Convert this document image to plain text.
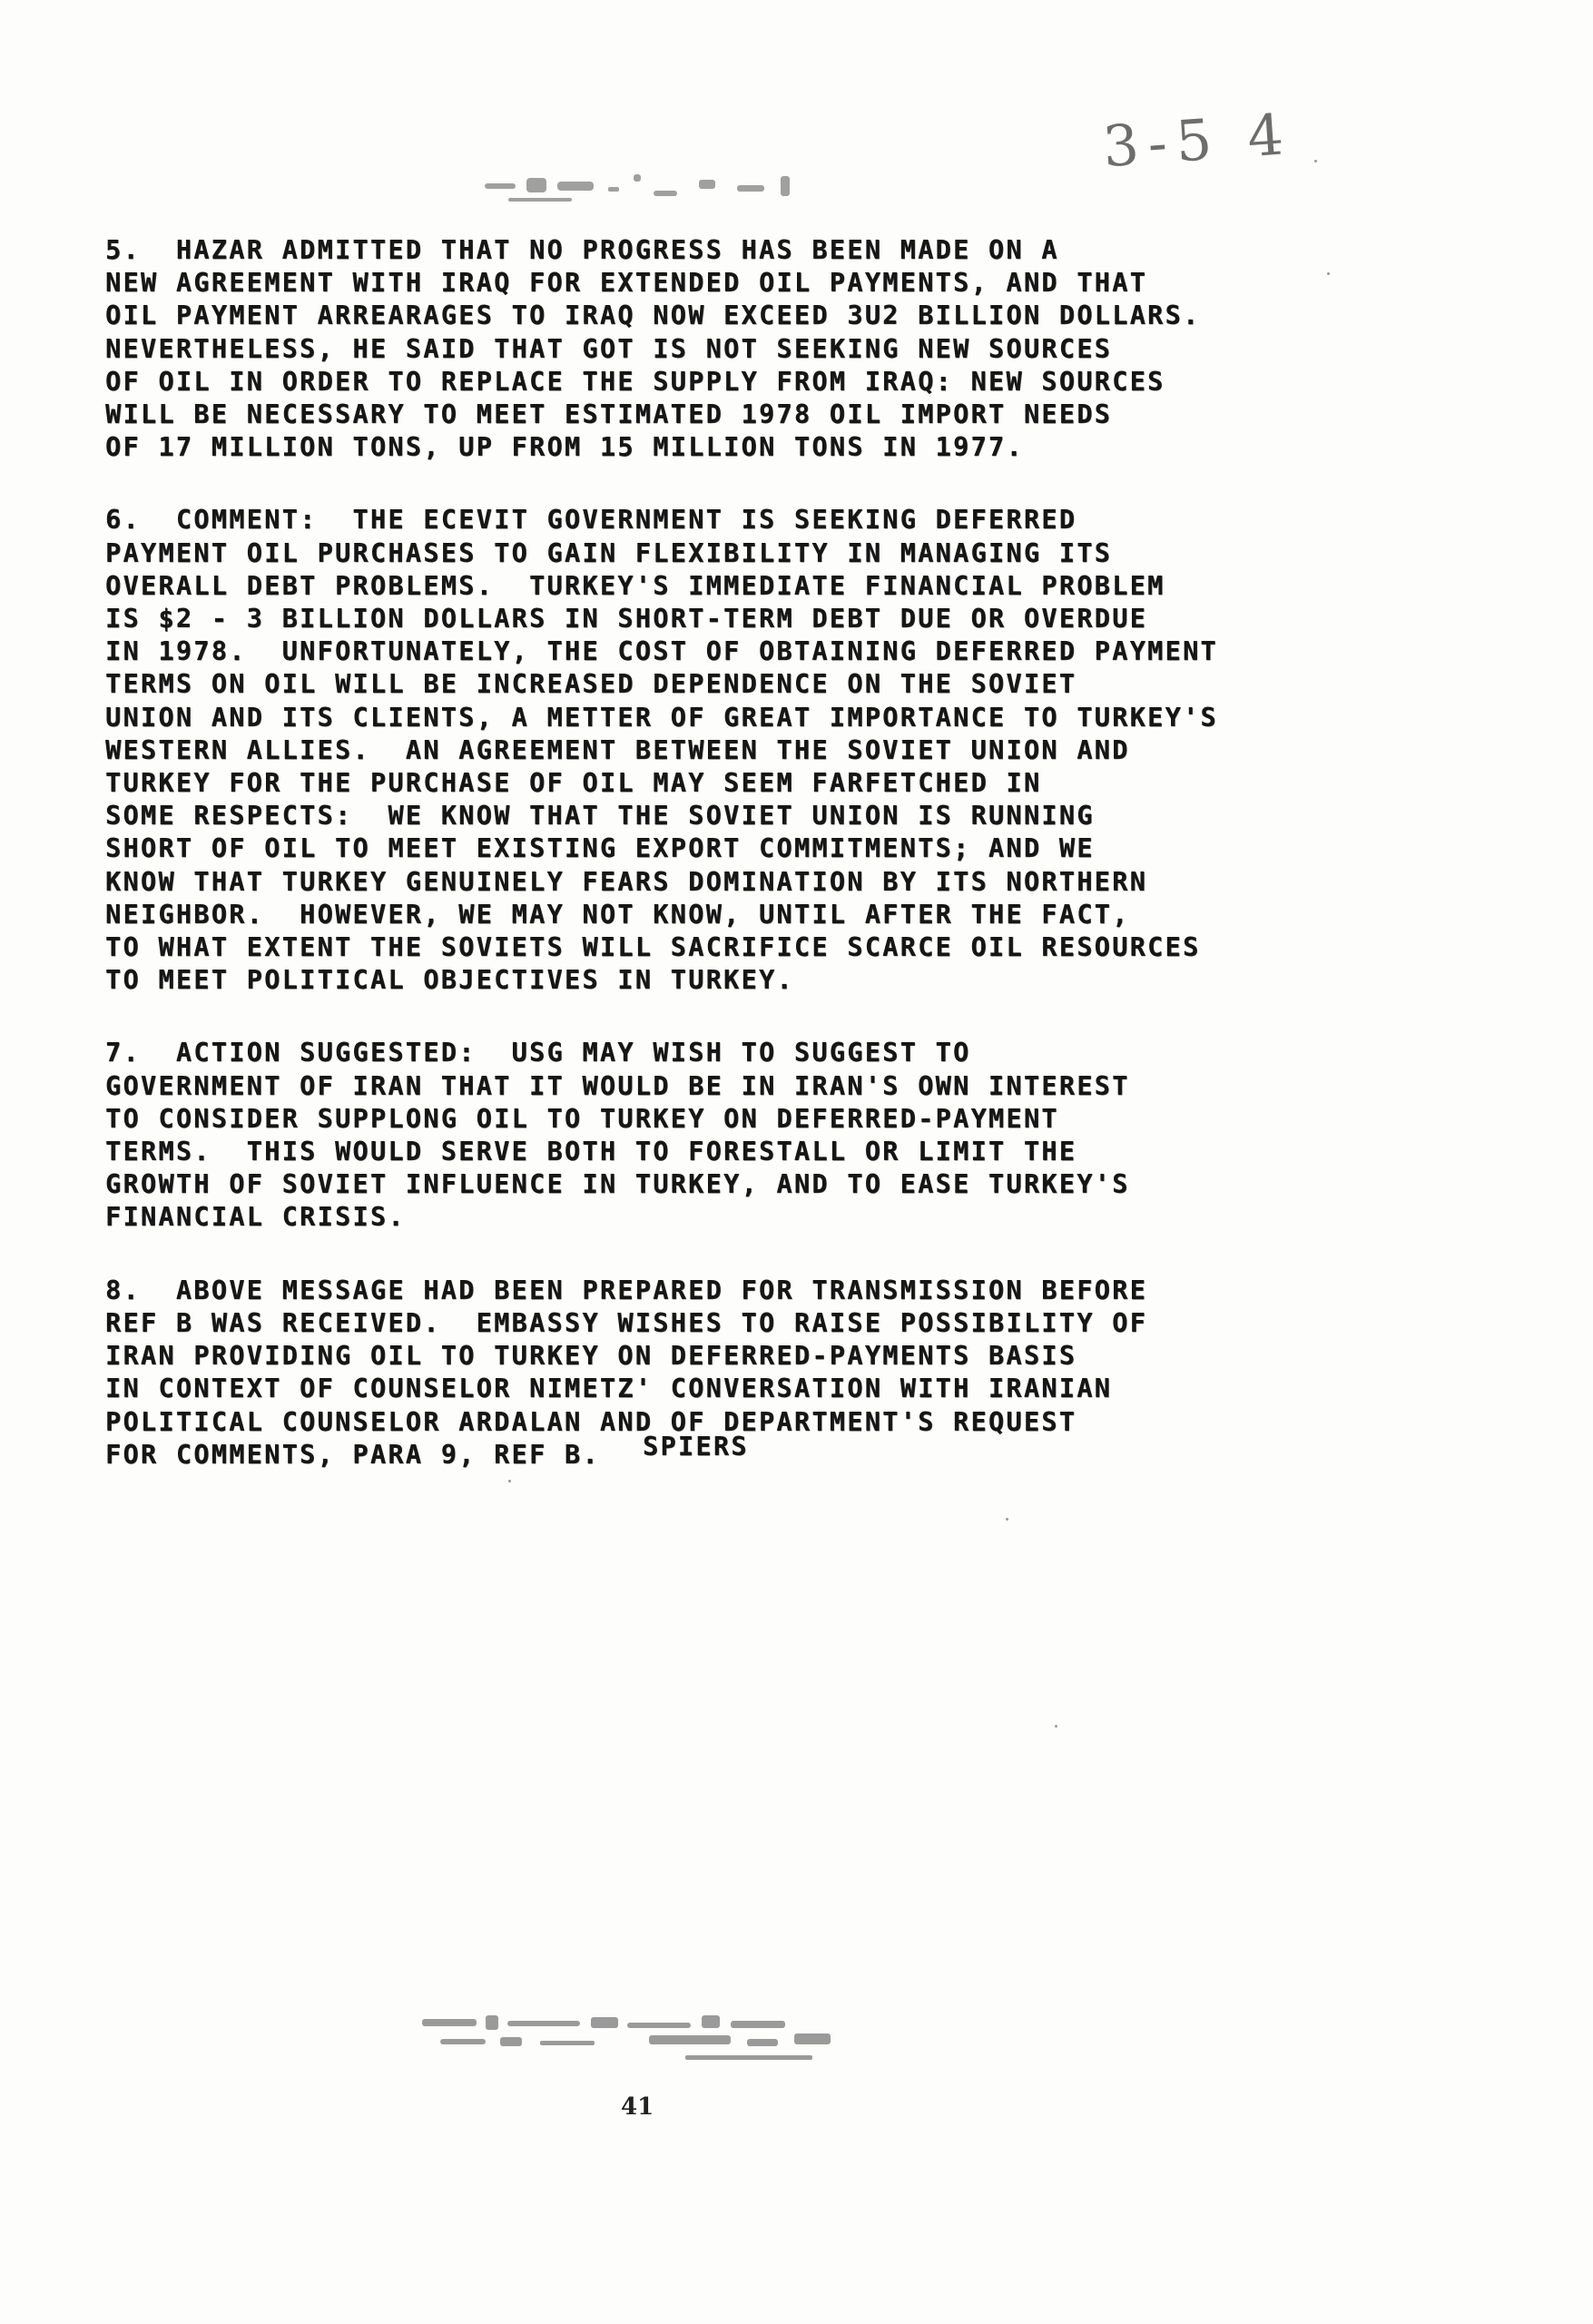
3-5 4
5.  HAZAR ADMITTED THAT NO PROGRESS HAS BEEN MADE ON A
NEW AGREEMENT WITH IRAQ FOR EXTENDED OIL PAYMENTS, AND THAT
OIL PAYMENT ARREARAGES TO IRAQ NOW EXCEED 3U2 BILLION DOLLARS.
NEVERTHELESS, HE SAID THAT GOT IS NOT SEEKING NEW SOURCES
OF OIL IN ORDER TO REPLACE THE SUPPLY FROM IRAQ: NEW SOURCES
WILL BE NECESSARY TO MEET ESTIMATED 1978 OIL IMPORT NEEDS
OF 17 MILLION TONS, UP FROM 15 MILLION TONS IN 1977.
6.  COMMENT:  THE ECEVIT GOVERNMENT IS SEEKING DEFERRED
PAYMENT OIL PURCHASES TO GAIN FLEXIBILITY IN MANAGING ITS
OVERALL DEBT PROBLEMS.  TURKEY'S IMMEDIATE FINANCIAL PROBLEM
IS $2 - 3 BILLION DOLLARS IN SHORT-TERM DEBT DUE OR OVERDUE
IN 1978.  UNFORTUNATELY, THE COST OF OBTAINING DEFERRED PAYMENT
TERMS ON OIL WILL BE INCREASED DEPENDENCE ON THE SOVIET
UNION AND ITS CLIENTS, A METTER OF GREAT IMPORTANCE TO TURKEY'S
WESTERN ALLIES.  AN AGREEMENT BETWEEN THE SOVIET UNION AND
TURKEY FOR THE PURCHASE OF OIL MAY SEEM FARFETCHED IN
SOME RESPECTS:  WE KNOW THAT THE SOVIET UNION IS RUNNING
SHORT OF OIL TO MEET EXISTING EXPORT COMMITMENTS; AND WE
KNOW THAT TURKEY GENUINELY FEARS DOMINATION BY ITS NORTHERN
NEIGHBOR.  HOWEVER, WE MAY NOT KNOW, UNTIL AFTER THE FACT,
TO WHAT EXTENT THE SOVIETS WILL SACRIFICE SCARCE OIL RESOURCES
TO MEET POLITICAL OBJECTIVES IN TURKEY.
7.  ACTION SUGGESTED:  USG MAY WISH TO SUGGEST TO
GOVERNMENT OF IRAN THAT IT WOULD BE IN IRAN'S OWN INTEREST
TO CONSIDER SUPPLONG OIL TO TURKEY ON DEFERRED-PAYMENT
TERMS.  THIS WOULD SERVE BOTH TO FORESTALL OR LIMIT THE
GROWTH OF SOVIET INFLUENCE IN TURKEY, AND TO EASE TURKEY'S
FINANCIAL CRISIS.
8.  ABOVE MESSAGE HAD BEEN PREPARED FOR TRANSMISSION BEFORE
REF B WAS RECEIVED.  EMBASSY WISHES TO RAISE POSSIBILITY OF
IRAN PROVIDING OIL TO TURKEY ON DEFERRED-PAYMENTS BASIS
IN CONTEXT OF COUNSELOR NIMETZ' CONVERSATION WITH IRANIAN
POLITICAL COUNSELOR ARDALAN AND OF DEPARTMENT'S REQUEST
FOR COMMENTS, PARA 9, REF B.	SPIERS
41
